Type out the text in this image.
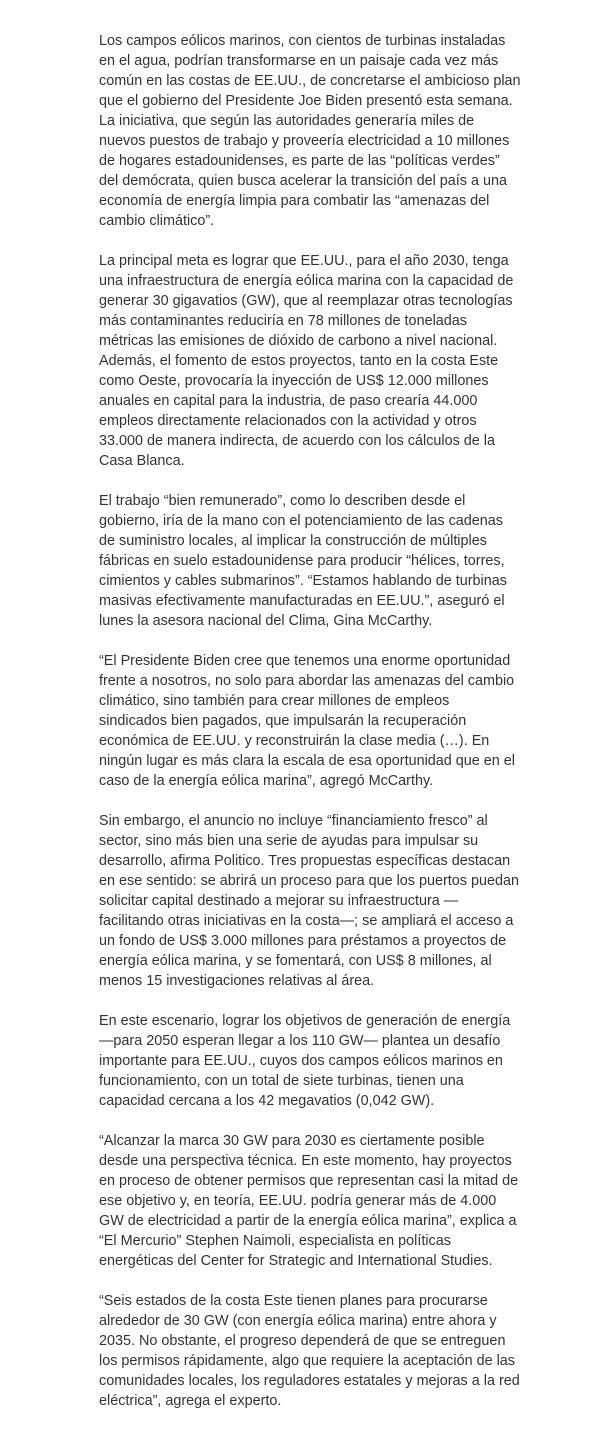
Los campos eólicos marinos, con cientos de turbinas instaladas
en el agua, podrían transformarse en un paisaje cada vez más
común en las costas de EE.UU., de concretarse el ambicioso plan
que el gobierno del Presidente Joe Biden presentó esta semana.
La iniciativa, que según las autoridades generaría miles de
nuevos puestos de trabajo y proveería electricidad a 10 millones
de hogares estadounidenses, es parte de las “políticas verdes”
del demócrata, quien busca acelerar la transición del país a una
economía de energía limpia para combatir las “amenazas del
cambio climático”.

La principal meta es lograr que EE.UU., para el año 2030, tenga
una infraestructura de energía eólica marina con la capacidad de
generar 30 gigavatios (GW), que al reemplazar otras tecnologías
más contaminantes reduciría en 78 millones de toneladas
métricas las emisiones de dióxido de carbono a nivel nacional.
Además, el fomento de estos proyectos, tanto en la costa Este
como Oeste, provocaría la inyección de US$ 12.000 millones
anuales en capital para la industria, de paso crearía 44.000
empleos directamente relacionados con la actividad y otros
33.000 de manera indirecta, de acuerdo con los cálculos de la
Casa Blanca.

El trabajo “bien remunerado”, como lo describen desde el
gobierno, iría de la mano con el potenciamiento de las cadenas
de suministro locales, al implicar la construcción de múltiples
fábricas en suelo estadounidense para producir “hélices, torres,
cimientos y cables submarinos”. “Estamos hablando de turbinas
masivas efectivamente manufacturadas en EE.UU.”, aseguró el
lunes la asesora nacional del Clima, Gina McCarthy.

“El Presidente Biden cree que tenemos una enorme oportunidad
frente a nosotros, no solo para abordar las amenazas del cambio
climático, sino también para crear millones de empleos
sindicados bien pagados, que impulsarán la recuperación
económica de EE.UU. y reconstruirán la clase media (…). En
ningún lugar es más clara la escala de esa oportunidad que en el
caso de la energía eólica marina”, agregó McCarthy.

Sin embargo, el anuncio no incluye “financiamiento fresco” al
sector, sino más bien una serie de ayudas para impulsar su
desarrollo, afirma Politico. Tres propuestas específicas destacan
en ese sentido: se abrirá un proceso para que los puertos puedan
solicitar capital destinado a mejorar su infraestructura —
facilitando otras iniciativas en la costa—; se ampliará el acceso a
un fondo de US$ 3.000 millones para préstamos a proyectos de
energía eólica marina, y se fomentará, con US$ 8 millones, al
menos 15 investigaciones relativas al área.

En este escenario, lograr los objetivos de generación de energía
—para 2050 esperan llegar a los 110 GW— plantea un desafío
importante para EE.UU., cuyos dos campos eólicos marinos en
funcionamiento, con un total de siete turbinas, tienen una
capacidad cercana a los 42 megavatios (0,042 GW).

“Alcanzar la marca 30 GW para 2030 es ciertamente posible
desde una perspectiva técnica. En este momento, hay proyectos
en proceso de obtener permisos que representan casi la mitad de
ese objetivo y, en teoría, EE.UU. podría generar más de 4.000
GW de electricidad a partir de la energía eólica marina”, explica a
“El Mercurio” Stephen Naimoli, especialista en políticas
energéticas del Center for Strategic and International Studies.

“Seis estados de la costa Este tienen planes para procurarse
alrededor de 30 GW (con energía eólica marina) entre ahora y
2035. No obstante, el progreso dependerá de que se entreguen
los permisos rápidamente, algo que requiere la aceptación de las
comunidades locales, los reguladores estatales y mejoras a la red
eléctrica”, agrega el experto.
